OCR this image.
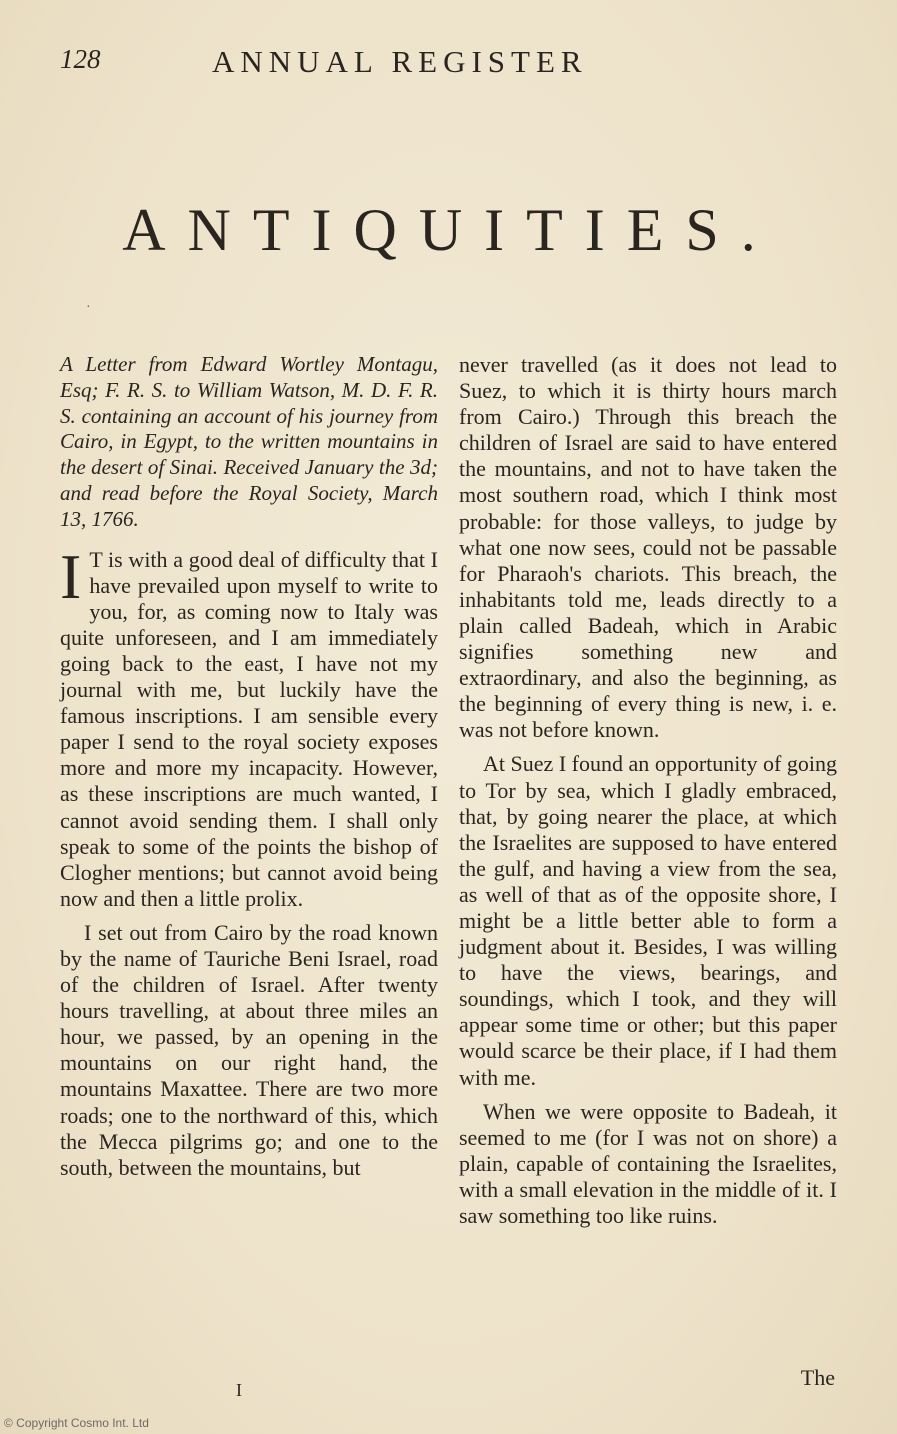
128	ANNUAL REGISTER
ANTIQUITIES.
·
A Letter from Edward Wortley Montagu, Esq; F. R. S. to William Watson, M. D. F. R. S. containing an account of his journey from Cairo, in Egypt, to the written mountains in the desert of Sinai. Received January the 3d; and read before the Royal Society, March 13, 1766.
I T is with a good deal of difficulty that I have prevailed upon myself to write to you, for, as coming now to Italy was quite unforeseen, and I am immediately going back to the east, I have not my journal with me, but luckily have the famous inscriptions. I am sensible every paper I send to the royal society exposes more and more my incapacity. However, as these inscriptions are much wanted, I cannot avoid sending them. I shall only speak to some of the points the bishop of Clogher mentions; but cannot avoid being now and then a little prolix.
I set out from Cairo by the road known by the name of Tauriche Beni Israel, road of the children of Israel. After twenty hours travelling, at about three miles an hour, we passed, by an opening in the mountains on our right hand, the mountains Maxattee. There are two more roads; one to the northward of this, which the Mecca pilgrims go; and one to the south, between the mountains, but
never travelled (as it does not lead to Suez, to which it is thirty hours march from Cairo.) Through this breach the children of Israel are said to have entered the mountains, and not to have taken the most southern road, which I think most probable: for those valleys, to judge by what one now sees, could not be passable for Pharaoh's chariots. This breach, the inhabitants told me, leads directly to a plain called Badeah, which in Arabic signifies something new and extraordinary, and also the beginning, as the beginning of every thing is new, i. e. was not before known.
At Suez I found an opportunity of going to Tor by sea, which I gladly embraced, that, by going nearer the place, at which the Israelites are supposed to have entered the gulf, and having a view from the sea, as well of that as of the opposite shore, I might be a little better able to form a judgment about it. Besides, I was willing to have the views, bearings, and soundings, which I took, and they will appear some time or other; but this paper would scarce be their place, if I had them with me.
When we were opposite to Badeah, it seemed to me (for I was not on shore) a plain, capable of containing the Israelites, with a small elevation in the middle of it. I saw something too like ruins.
The
I
© Copyright Cosmo Int. Ltd
